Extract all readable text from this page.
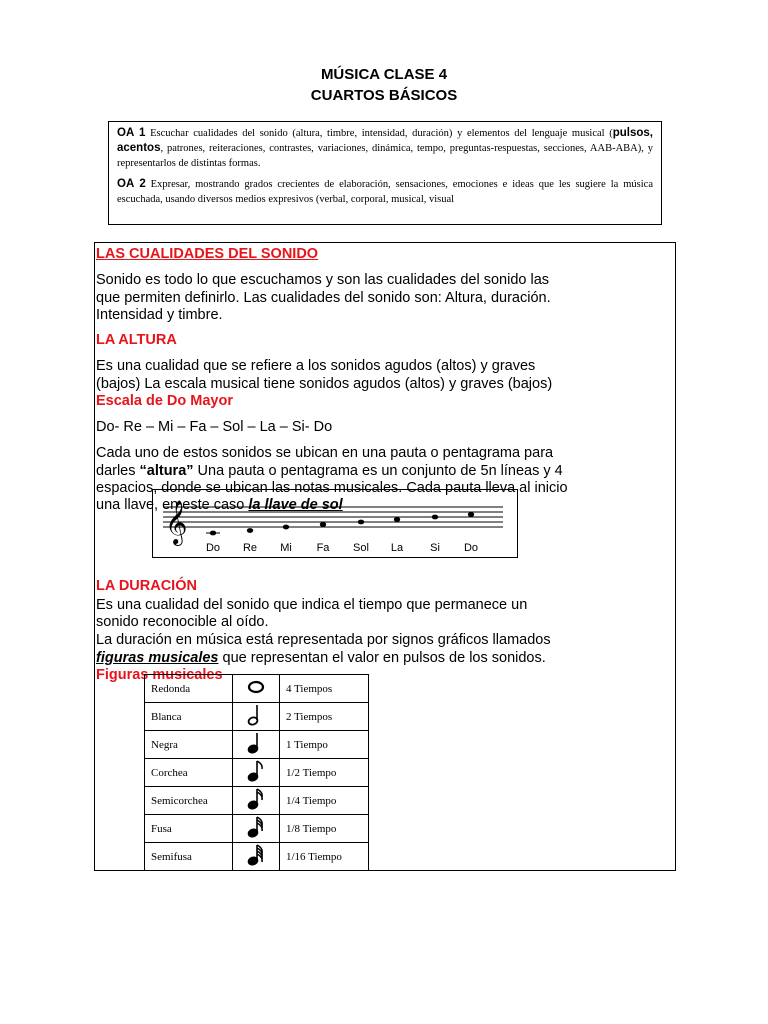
MÚSICA CLASE 4
CUARTOS BÁSICOS

OA 1 Escuchar cualidades del sonido (altura, timbre, intensidad, duración) y elementos del lenguaje musical (pulsos, acentos, patrones, reiteraciones, contrastes, variaciones, dinámica, tempo, preguntas-respuestas, secciones, AAB-ABA), y representarlos de distintas formas.

OA 2 Expresar, mostrando grados crecientes de elaboración, sensaciones, emociones e ideas que les sugiere la música escuchada, usando diversos medios expresivos (verbal, corporal, musical, visual

LAS CUALIDADES DEL SONIDO
Sonido es todo lo que escuchamos y son las cualidades del sonido las
que permiten definirlo. Las cualidades del sonido son: Altura, duración.
Intensidad y timbre.
LA ALTURA
Es una cualidad que se refiere a los sonidos agudos (altos) y graves
(bajos) La escala musical tiene sonidos agudos (altos) y graves (bajos)
Escala de Do Mayor
Do- Re – Mi – Fa – Sol – La – Si- Do
Cada uno de estos sonidos se ubican en una pauta o pentagrama para
darles “altura” Una pauta o pentagrama es un conjunto de 5n líneas y 4
𝄞
Do Re Mi Fa Sol La Si Do
espacios, donde se ubican las notas musicales. Cada pauta lleva al inicio
una llave, en este caso la llave de sol
LA DURACIÓN
Es una cualidad del sonido que indica el tiempo que permanece un
sonido reconocible al oído.
La duración en música está representada por signos gráficos llamados
figuras musicales que representan el valor en pulsos de los sonidos.
Figuras musicales
Redonda		4 Tiempos
Blanca		2 Tiempos
Negra		1 Tiempo
Corchea		1/2 Tiempo
Semicorchea		1/4 Tiempo
Fusa		1/8 Tiempo
Semifusa		1/16 Tiempo
